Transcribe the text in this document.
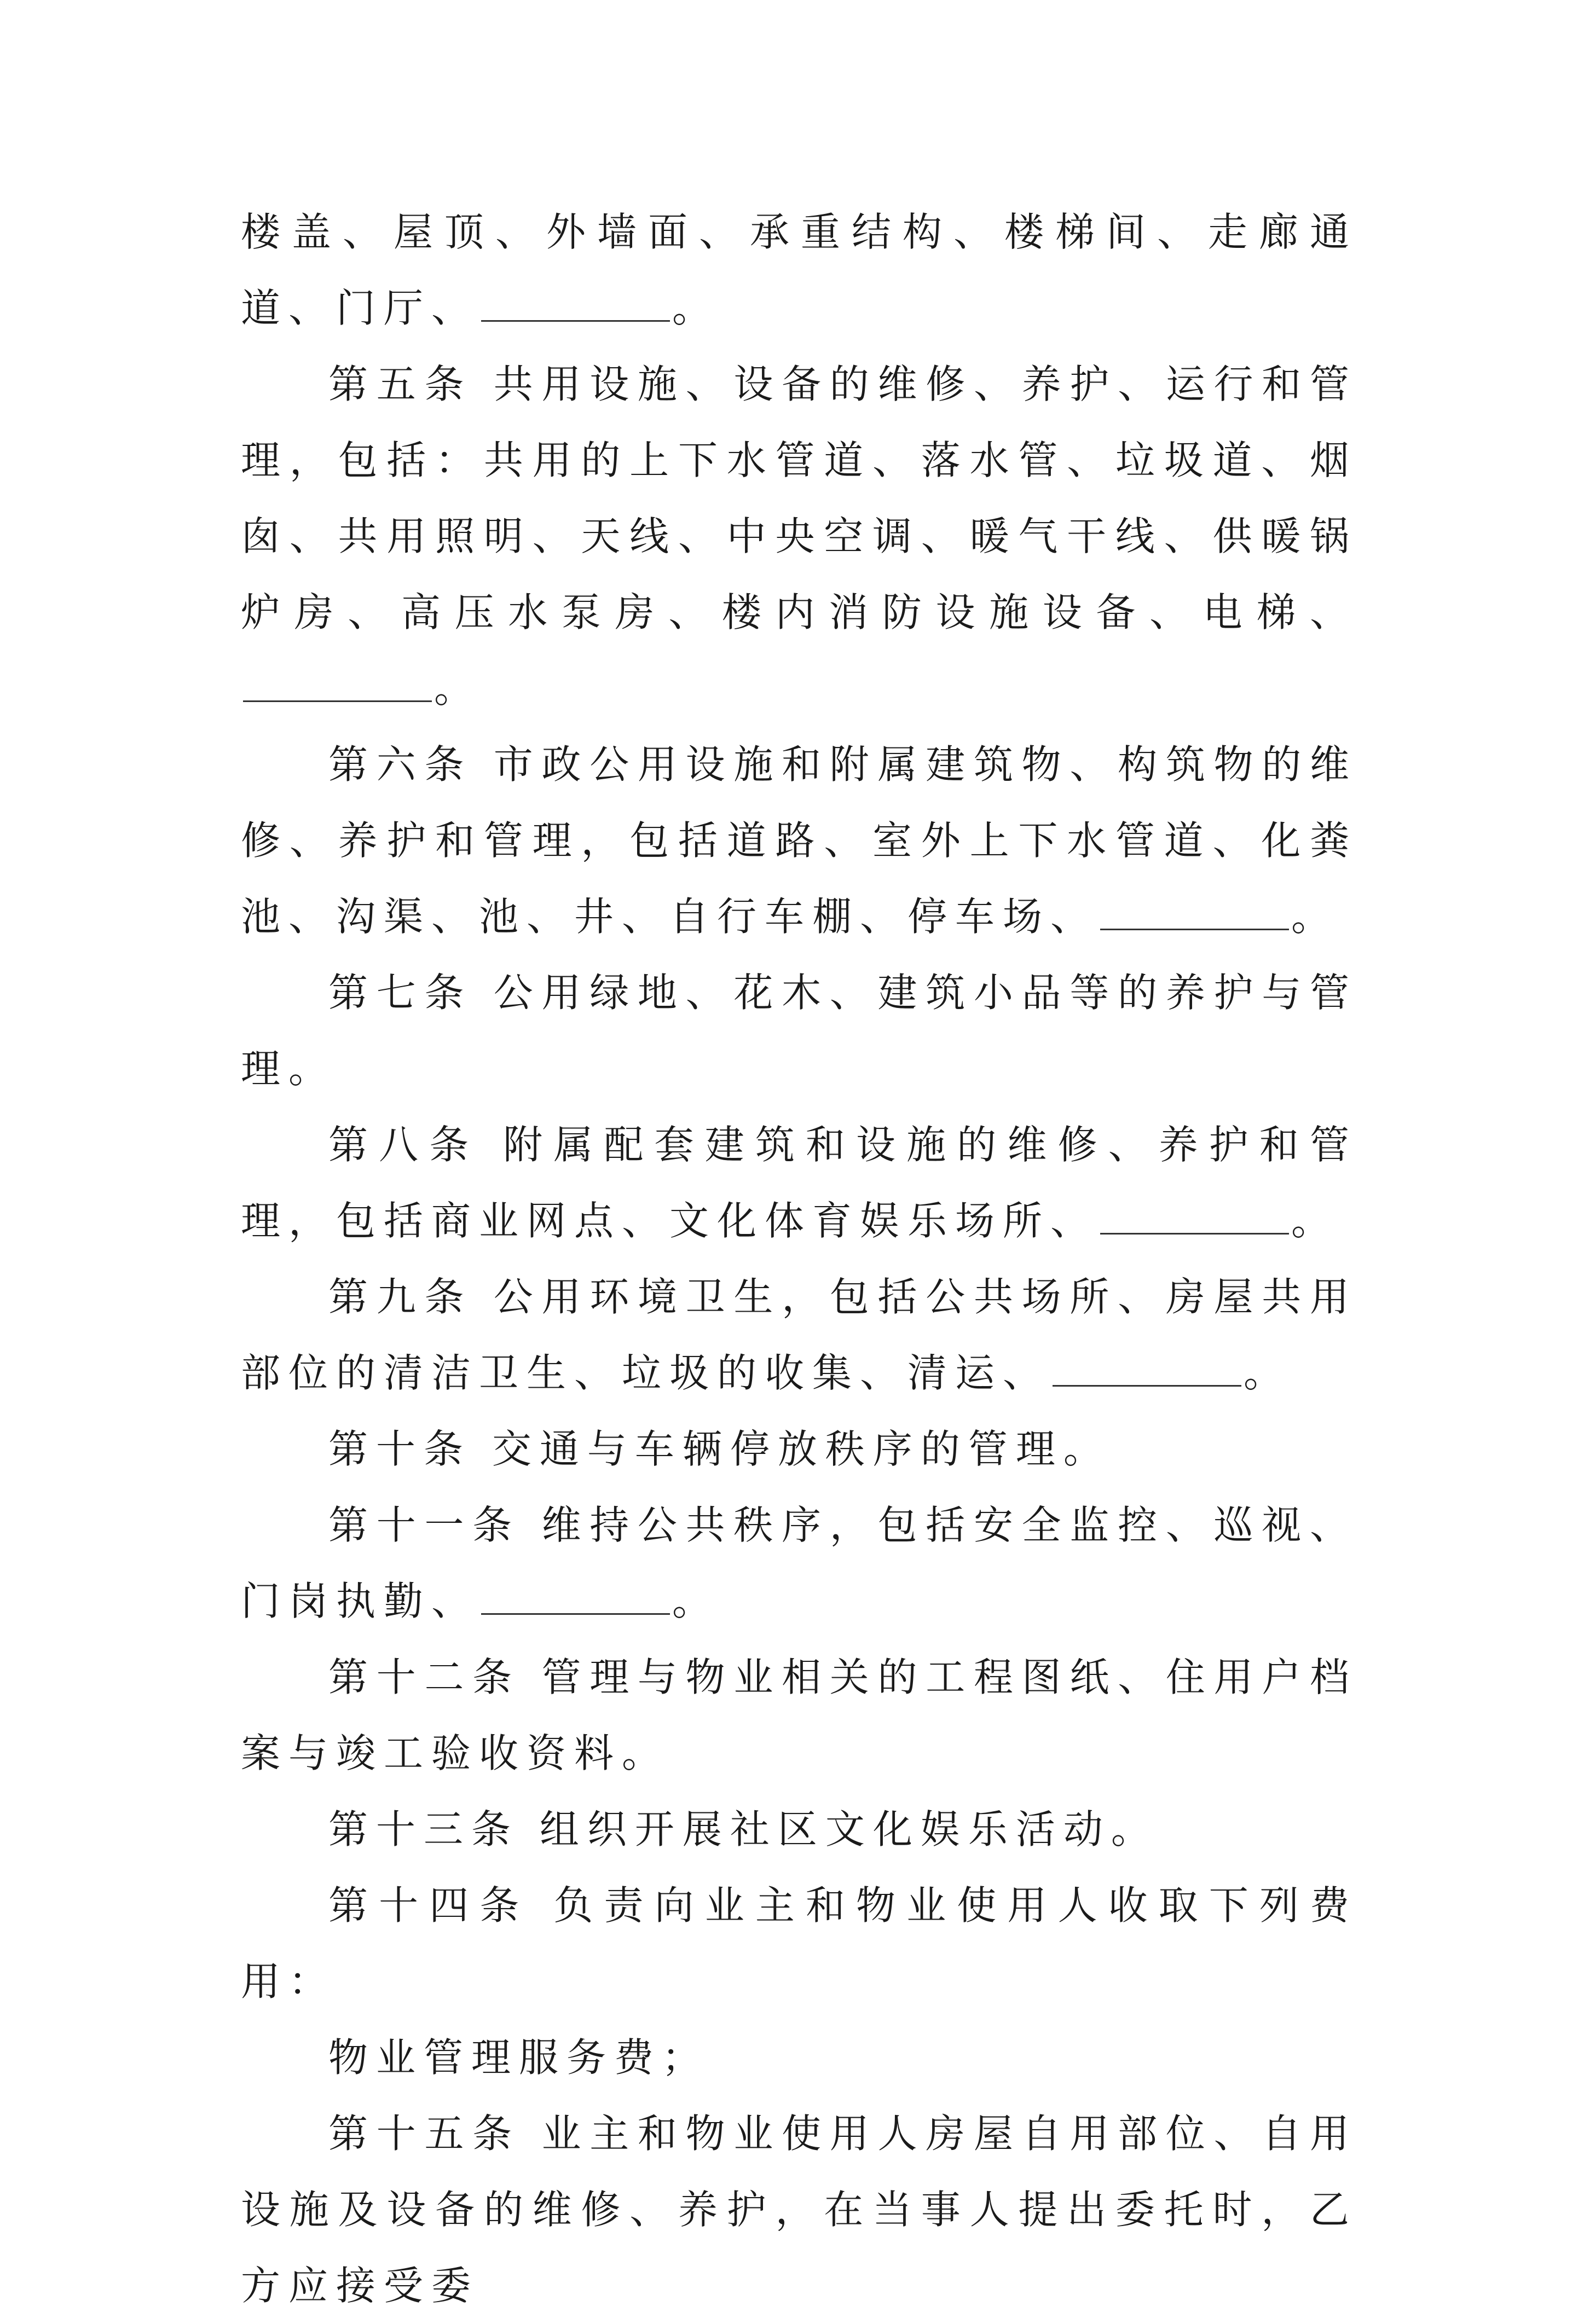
楼盖、屋顶、外墙面、承重结构、楼梯间、走廊通道、门厅、	。

第五条 共用设施、设备的维修、养护、运行和管理，包括：共用的上下水管道、落水管、垃圾道、烟囱、共用照明、天线、中央空调、暖气干线、供暖锅炉房、高压水泵房、楼内消防设施设备、电梯、。

第六条 市政公用设施和附属建筑物、构筑物的维修、养护和管理，包括道路、室外上下水管道、化粪池、沟渠、池、井、自行车棚、停车场、	。

第七条 公用绿地、花木、建筑小品等的养护与管理。

第八条 附属配套建筑和设施的维修、养护和管理，包括商业网点、文化体育娱乐场所、	。

第九条 公用环境卫生，包括公共场所、房屋共用部位的清洁卫生、垃圾的收集、清运、	。

第十条 交通与车辆停放秩序的管理。

第十一条 维持公共秩序，包括安全监控、巡视、门岗执勤、	。

第十二条 管理与物业相关的工程图纸、住用户档案与竣工验收资料。

第十三条 组织开展社区文化娱乐活动。

第十四条 负责向业主和物业使用人收取下列费用：

物业管理服务费；

第十五条 业主和物业使用人房屋自用部位、自用设施及设备的维修、养护，在当事人提出委托时，乙方应接受委
